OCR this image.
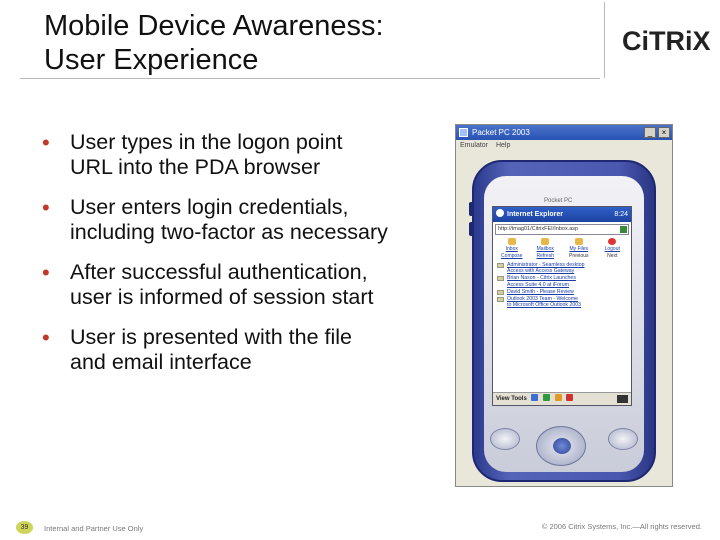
Mobile Device Awareness:
User Experience
CiTRiX
• User types in the logon point URL into the PDA browser
• User enters login credentials, including two-factor as necessary
• After successful authentication, user is informed of session start
• User is presented with the file and email interface
Packet PC 2003	_	×
Emulator Help
Pocket PC
Internet Explorer	8:24
http://tmag01/CitrixFEI/Inbox.asp
Inbox	Mailbox	My Files	Logout
Compose	Refresh	Previous	Next
Administrator - Seamless desktop
Access with Access Gateway
Brian Nason - Citrix Launches
Access Suite 4.0 at iForum
David Smith - Please Review
Outlook 2003 Team - Welcome
to Microsoft Office Outlook 2003
View Tools
39	Internal and Partner Use Only	© 2006 Citrix Systems, Inc.—All rights reserved.
